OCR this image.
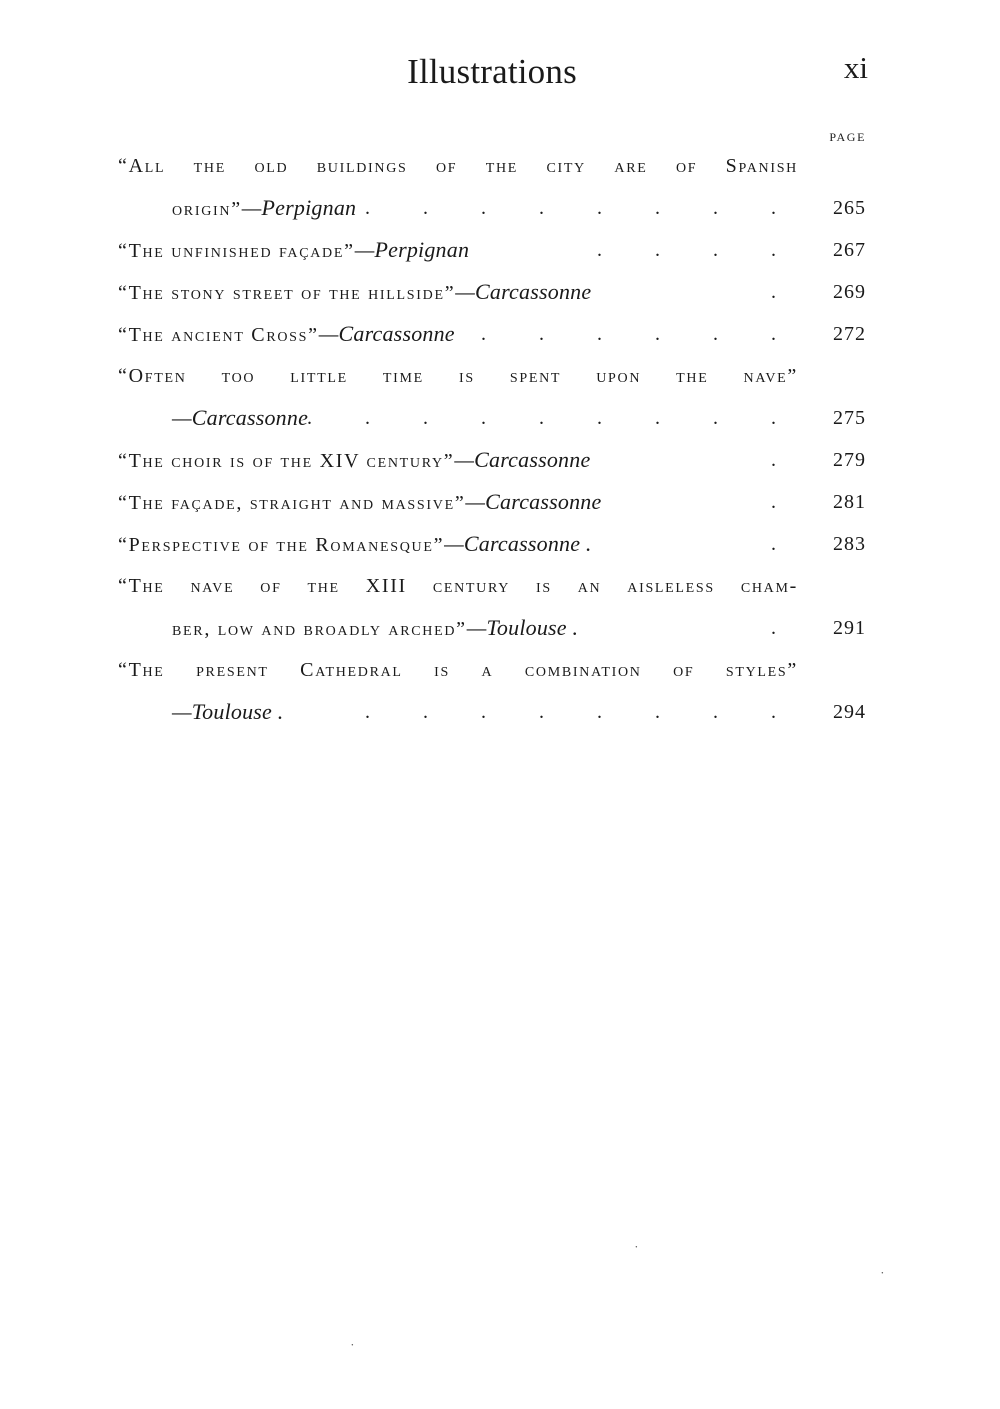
Illustrations	xi
PAGE
“All the old buildings of the city are of Spanish
origin”—Perpignan . . . . . . . .	265
“The unfinished façade”—Perpignan	. . . .	267
“The stony street of the hillside”—Carcassonne	.	269
“The ancient Cross”—Carcassonne . . . . . .	272
“Often too little time is spent upon the nave”
—Carcassonne
. . . . . . . . .	275
“The choir is of the XIV century”—Carcassonne	.	279
“The façade, straight and massive”—Carcassonne	.	281
“Perspective of the Romanesque”—Carcassonne .	.	283
“The nave of the XIII century is an aisleless cham-
ber, low and broadly arched”—Toulouse .	.	291
“The present Cathedral is a combination of styles”
—Toulouse .	. . . . . . . .	294
˙
˙
˙
